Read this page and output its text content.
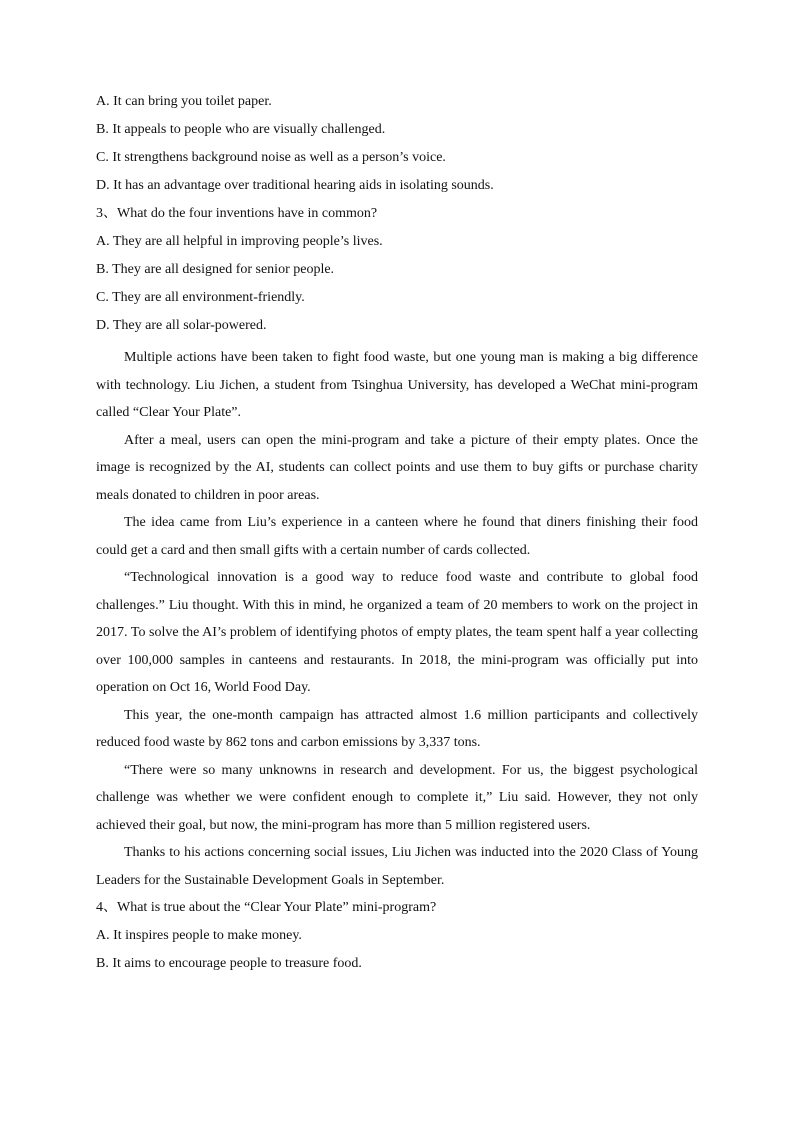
A. It can bring you toilet paper.

B. It appeals to people who are visually challenged.

C. It strengthens background noise as well as a person’s voice.

D. It has an advantage over traditional hearing aids in isolating sounds.

3、What do the four inventions have in common?

A. They are all helpful in improving people’s lives.

B. They are all designed for senior people.

C. They are all environment-friendly.

D. They are all solar-powered.

Multiple actions have been taken to fight food waste, but one young man is making a big difference with technology. Liu Jichen, a student from Tsinghua University, has developed a WeChat mini-program called “Clear Your Plate”.

After a meal, users can open the mini-program and take a picture of their empty plates. Once the image is recognized by the AI, students can collect points and use them to buy gifts or purchase charity meals donated to children in poor areas.

The idea came from Liu’s experience in a canteen where he found that diners finishing their food could get a card and then small gifts with a certain number of cards collected.

“Technological innovation is a good way to reduce food waste and contribute to global food challenges.” Liu thought. With this in mind, he organized a team of 20 members to work on the project in 2017. To solve the AI’s problem of identifying photos of empty plates, the team spent half a year collecting over 100,000 samples in canteens and restaurants. In 2018, the mini-program was officially put into operation on Oct 16, World Food Day.

This year, the one-month campaign has attracted almost 1.6 million participants and collectively reduced food waste by 862 tons and carbon emissions by 3,337 tons.

“There were so many unknowns in research and development. For us, the biggest psychological challenge was whether we were confident enough to complete it,” Liu said. However, they not only achieved their goal, but now, the mini-program has more than 5 million registered users.

Thanks to his actions concerning social issues, Liu Jichen was inducted into the 2020 Class of Young Leaders for the Sustainable Development Goals in September.

4、What is true about the “Clear Your Plate” mini-program?

A. It inspires people to make money.

B. It aims to encourage people to treasure food.
